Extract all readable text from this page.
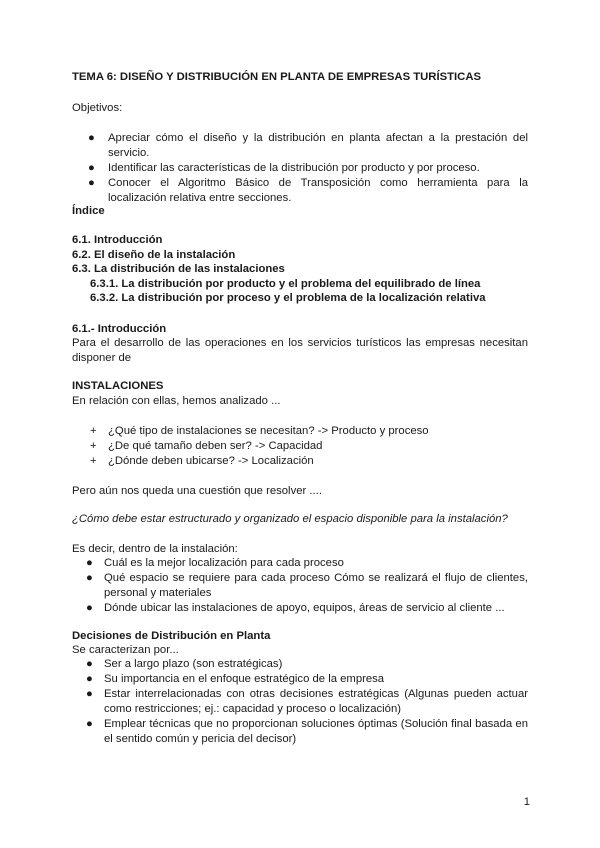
TEMA 6: DISEÑO Y DISTRIBUCIÓN EN PLANTA DE EMPRESAS TURÍSTICAS

Objetivos:

● Apreciar cómo el diseño y la distribución en planta afectan a la prestación del servicio.
● Identificar las características de la distribución por producto y por proceso.
● Conocer el Algoritmo Básico de Transposición como herramienta para la localización relativa entre secciones.

Índice

6.1. Introducción
6.2. El diseño de la instalación
6.3. La distribución de las instalaciones
6.3.1. La distribución por producto y el problema del equilibrado de línea
6.3.2. La distribución por proceso y el problema de la localización relativa

6.1.- Introducción

Para el desarrollo de las operaciones en los servicios turísticos las empresas necesitan disponer de

INSTALACIONES

En relación con ellas, hemos analizado ...

+ ¿Qué tipo de instalaciones se necesitan? -> Producto y proceso
+ ¿De qué tamaño deben ser? -> Capacidad
+ ¿Dónde deben ubicarse? -> Localización

Pero aún nos queda una cuestión que resolver ....

¿Cómo debe estar estructurado y organizado el espacio disponible para la instalación?

Es decir, dentro de la instalación:

● Cuál es la mejor localización para cada proceso
● Qué espacio se requiere para cada proceso Cómo se realizará el flujo de clientes, personal y materiales
● Dónde ubicar las instalaciones de apoyo, equipos, áreas de servicio al cliente ...

Decisiones de Distribución en Planta

Se caracterizan por...

● Ser a largo plazo (son estratégicas)
● Su importancia en el enfoque estratégico de la empresa
● Estar interrelacionadas con otras decisiones estratégicas (Algunas pueden actuar como restricciones; ej.: capacidad y proceso o localización)
● Emplear técnicas que no proporcionan soluciones óptimas (Solución final basada en el sentido común y pericia del decisor)
1
